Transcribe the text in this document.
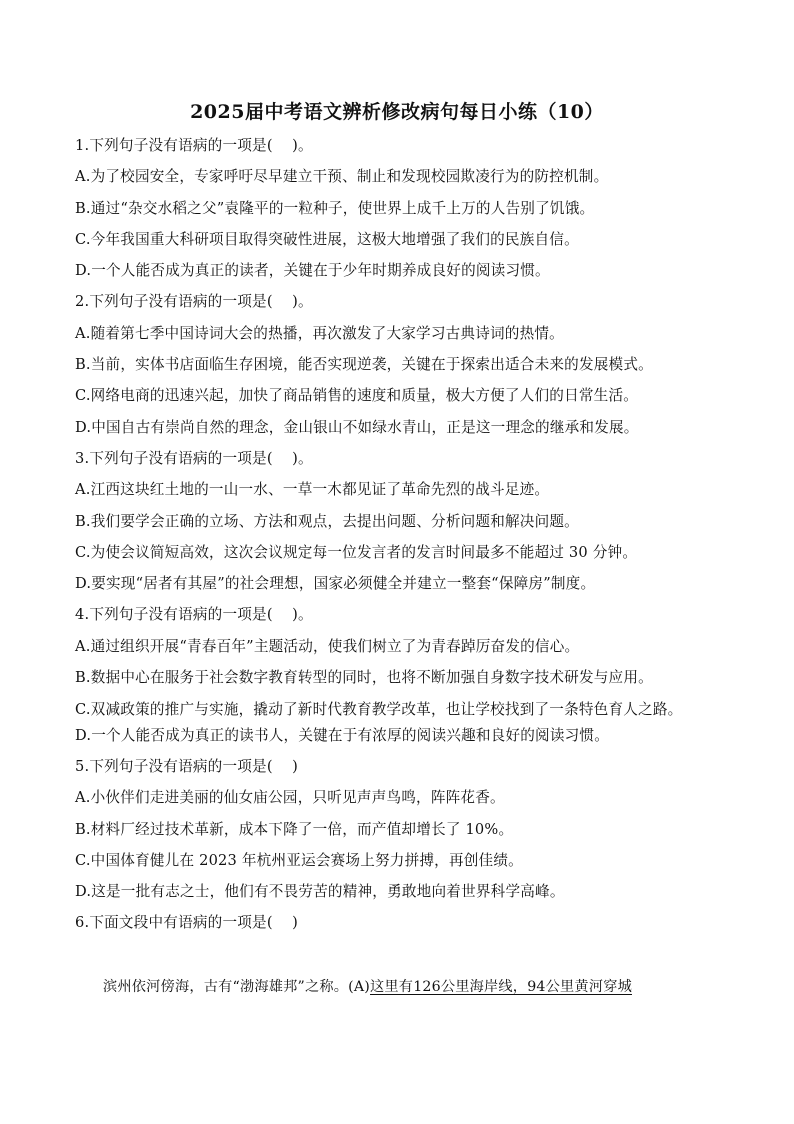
2025届中考语文辨析修改病句每日小练（10）
1.下列句子没有语病的一项是(    )。
A.为了校园安全，专家呼吁尽早建立干预、制止和发现校园欺凌行为的防控机制。
B.通过“杂交水稻之父”袁隆平的一粒种子，使世界上成千上万的人告别了饥饿。
C.今年我国重大科研项目取得突破性进展，这极大地增强了我们的民族自信。
D.一个人能否成为真正的读者，关键在于少年时期养成良好的阅读习惯。
2.下列句子没有语病的一项是(    )。
A.随着第七季中国诗词大会的热播，再次激发了大家学习古典诗词的热情。
B.当前，实体书店面临生存困境，能否实现逆袭，关键在于探索出适合未来的发展模式。
C.网络电商的迅速兴起，加快了商品销售的速度和质量，极大方便了人们的日常生活。
D.中国自古有崇尚自然的理念，金山银山不如绿水青山，正是这一理念的继承和发展。
3.下列句子没有语病的一项是(    )。
A.江西这块红土地的一山一水、一草一木都见证了革命先烈的战斗足迹。
B.我们要学会正确的立场、方法和观点，去提出问题、分析问题和解决问题。
C.为使会议简短高效，这次会议规定每一位发言者的发言时间最多不能超过 30 分钟。
D.要实现“居者有其屋”的社会理想，国家必须健全并建立一整套“保障房”制度。
4.下列句子没有语病的一项是(    )。
A.通过组织开展“青春百年”主题活动，使我们树立了为青春踔厉奋发的信心。
B.数据中心在服务于社会数字教育转型的同时，也将不断加强自身数字技术研发与应用。
C.双减政策的推广与实施，撬动了新时代教育教学改革，也让学校找到了一条特色育人之路。
D.一个人能否成为真正的读书人，关键在于有浓厚的阅读兴趣和良好的阅读习惯。
5.下列句子没有语病的一项是(    )
A.小伙伴们走进美丽的仙女庙公园，只听见声声鸟鸣，阵阵花香。
B.材料厂经过技术革新，成本下降了一倍，而产值却增长了 10%。
C.中国体育健儿在 2023 年杭州亚运会赛场上努力拼搏，再创佳绩。
D.这是一批有志之士，他们有不畏劳苦的精神，勇敢地向着世界科学高峰。
6.下面文段中有语病的一项是(    )
滨州依河傍海，古有“渤海雄邦”之称。(A)这里有126公里海岸线，94公里黄河穿城
